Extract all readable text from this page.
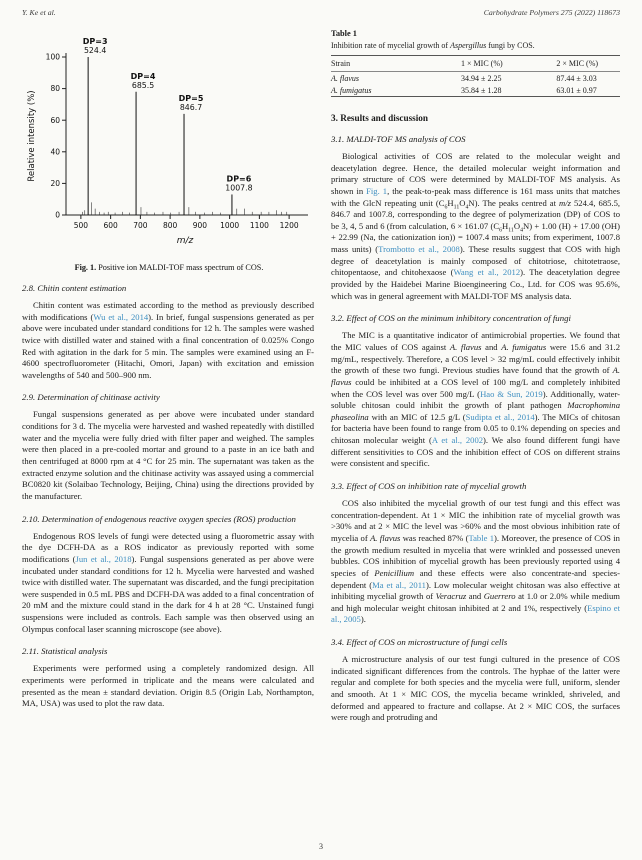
Y. Ke et al.	Carbohydrate Polymers 275 (2022) 118673
0
20
40
60
80
100
500 600 700 800 900 1000 1100 1200
DP=3
524.4
DP=4
685.5
DP=5
846.7
DP=6
1007.8
m/z
Relative intensity (%)

Fig. 1. Positive ion MALDI-TOF mass spectrum of COS.

2.8. Chitin content estimation

Chitin content was estimated according to the method as previously described with modifications (Wu et al., 2014). In brief, fungal suspensions generated as per above were incubated under standard conditions for 12 h. The samples were washed twice with distilled water and stained with a final concentration of 0.025% Congo Red with agitation in the dark for 5 min. The samples were examined using an F-4600 spectrofluorometer (Hitachi, Omori, Japan) with excitation and emission wavelengths of 540 and 500–900 nm.

2.9. Determination of chitinase activity

Fungal suspensions generated as per above were incubated under standard conditions for 3 d. The mycelia were harvested and washed repeatedly with distilled water and the mycelia were fully dried with filter paper and weighed. The samples were then placed in a pre-cooled mortar and ground to a paste in an ice bath and then centrifuged at 8000 rpm at 4 °C for 25 min. The supernatant was taken as the extracted enzyme solution and the chitinase activity was assayed using a commercial BC0820 kit (Solaibao Technology, Beijing, China) using the directions provided by the manufacturer.

2.10. Determination of endogenous reactive oxygen species (ROS) production

Endogenous ROS levels of fungi were detected using a fluorometric assay with the dye DCFH-DA as a ROS indicator as previously reported with some modifications (Jun et al., 2018). Fungal suspensions generated as per above were incubated under standard conditions for 12 h. Mycelia were harvested and washed twice with distilled water. The supernatant was discarded, and the fungi precipitation were suspended in 0.5 mL PBS and DCFH-DA was added to a final concentration of 20 mM and the mixture could stand in the dark for 4 h at 28 °C. Unstained fungi suspensions were included as controls. Each sample was then observed using an Olympus confocal laser scanning microscope (see above).

2.11. Statistical analysis

Experiments were performed using a completely randomized design. All experiments were performed in triplicate and the means were calculated and presented as the mean ± standard deviation. Origin 8.5 (Origin Lab, Northampton, MA, USA) was used to plot the raw data.

Table 1

Inhibition rate of mycelial growth of Aspergillus fungi by COS.

Strain	1 × MIC (%)	2 × MIC (%)
A. flavus	34.94 ± 2.25	87.44 ± 3.03
A. fumigatus	35.84 ± 1.28	63.01 ± 0.97
3. Results and discussion
3.1. MALDI-TOF MS analysis of COS

Biological activities of COS are related to the molecular weight and deacetylation degree. Hence, the detailed molecular weight information and primary structure of COS were determined by MALDI-TOF MS analysis. As shown in Fig. 1, the peak-to-peak mass difference is 161 mass units that matches with the GlcN repeating unit $(C_6H_{11}O_4N)$. The peaks centred at m/z 524.4, 685.5, 846.7 and 1007.8, corresponding to the degree of polymerization (DP) of COS to be 3, 4, 5 and 6 (from calculation, 6 × 161.07 $(C_6H_{11}O_4N) + 1.00$ (H) + 17.00 (OH) + 22.99 (Na, the cationization ion)) = 1007.4 mass units; from experiment, 1007.8 mass units) (Trombotto et al., 2008). These results suggest that COS with high degree of deacetylation is mainly composed of chitotriose, chitotetraose, chitopentaose, and chitohexaose (Wang et al., 2012). The deacetylation degree provided by the Haidebei Marine Bioengineering Co., Ltd. for COS was 95.6%, which was in general agreement with MALDI-TOF MS analysis data.

3.2. Effect of COS on the minimum inhibitory concentration of fungi

The MIC is a quantitative indicator of antimicrobial properties. We found that the MIC values of COS against A. flavus and A. fumigatus were 15.6 and 31.2 mg/mL, respectively. Therefore, a COS level > 32 mg/mL could effectively inhibit the growth of these two fungi. Previous studies have found that the growth of A. flavus could be inhibited at a COS level of 100 mg/L and completely inhibited when the COS level was over 500 mg/L (Hao & Sun, 2019). Additionally, water-soluble chitosan could inhibit the growth of plant pathogen Macrophomina phaseolina with an MIC of 12.5 g/L (Sudipta et al., 2014). The MICs of chitosan for bacteria have been found to range from 0.05 to 0.1% depending on species and chitosan molecular weight (A et al., 2002). We also found different fungi have different sensitivities to COS and the inhibition effect of COS on different strains were consistent and specific.

3.3. Effect of COS on inhibition rate of mycelial growth

COS also inhibited the mycelial growth of our test fungi and this effect was concentration-dependent. At 1 × MIC the inhibition rate of mycelial growth was >30% and at 2 × MIC the level was >60% and the most obvious inhibition rate of mycelia of A. flavus was reached 87% (Table 1). Moreover, the presence of COS in the growth medium resulted in mycelia that were wrinkled and possessed uneven bubbles. COS inhibition of mycelial growth has been previously reported using 4 species of Penicillium and these effects were also concentrate-and species-dependent (Ma et al., 2011). Low molecular weight chitosan was also effective at inhibiting mycelial growth of Veracruz and Guerrero at 1.0 or 2.0% while medium and high molecular weight chitosan inhibited at 2 and 1%, respectively (Espino et al., 2005).

3.4. Effect of COS on microstructure of fungi cells

A microstructure analysis of our test fungi cultured in the presence of COS indicated significant differences from the controls. The hyphae of the latter were regular and complete for both species and the mycelia were full, uniform, slender and smooth. At 1 × MIC COS, the mycelia became wrinkled, shriveled, and deformed and appeared to fracture and collapse. At 2 × MIC COS, the surfaces were rough and protruding and

3
